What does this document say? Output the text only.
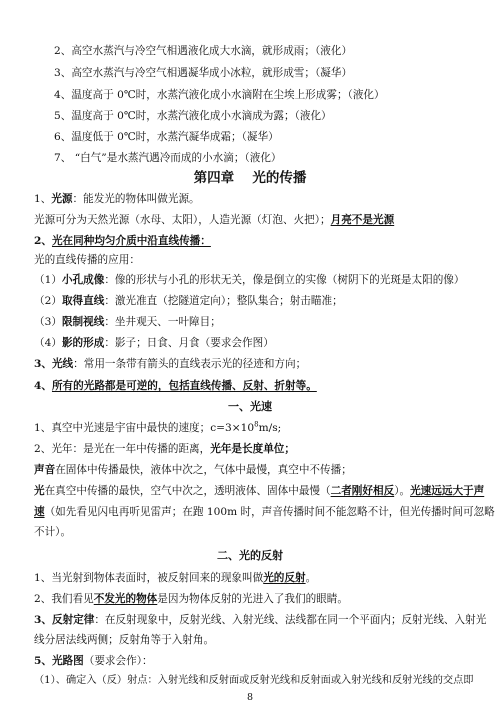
2、高空水蒸汽与冷空气相遇液化成大水滴，就形成雨；（液化）
3、高空水蒸汽与冷空气相遇凝华成小冰粒，就形成雪；（凝华）
4、温度高于 0℃时，水蒸汽液化成小水滴附在尘埃上形成雾；（液化）
5、温度高于 0℃时，水蒸汽液化成小水滴成为露；（液化）
6、温度低于 0℃时，水蒸汽凝华成霜；（凝华）
7、 “白气”是水蒸汽遇冷而成的小水滴；（液化）
第四章　 光的传播
1、光源：能发光的物体叫做光源。
光源可分为天然光源（水母、太阳），人造光源（灯泡、火把）；月亮不是光源
2、光在同种均匀介质中沿直线传播：
光的直线传播的应用：
（1）小孔成像：像的形状与小孔的形状无关，像是倒立的实像（树阴下的光斑是太阳的像）
（2）取得直线：激光准直（挖隧道定向）；整队集合；射击瞄准；
（3）限制视线：坐井观天、一叶障目；
（4）影的形成：影子；日食、月食（要求会作图）
3、光线：常用一条带有箭头的直线表示光的径迹和方向；
4、所有的光路都是可逆的，包括直线传播、反射、折射等。
一、光速
1、真空中光速是宇宙中最快的速度；$c=3\times 10^8m/s$;
2、光年：是光在一年中传播的距离，光年是长度单位；
声音在固体中传播最快，液体中次之，气体中最慢，真空中不传播；
光在真空中传播的最快，空气中次之，透明液体、固体中最慢（二者刚好相反）。光速远远大于声
速（如先看见闪电再听见雷声；在跑 100m 时，声音传播时间不能忽略不计，但光传播时间可忽略
不计）。
二、光的反射
1、当光射到物体表面时，被反射回来的现象叫做光的反射。
2、我们看见不发光的物体是因为物体反射的光进入了我们的眼睛。
3、反射定律：在反射现象中，反射光线、入射光线、法线都在同一个平面内；反射光线、入射光
线分居法线两侧；反射角等于入射角。
5、光路图（要求会作）：
（1）、确定入（反）射点：入射光线和反射面或反射光线和反射面或入射光线和反射光线的交点即
8
